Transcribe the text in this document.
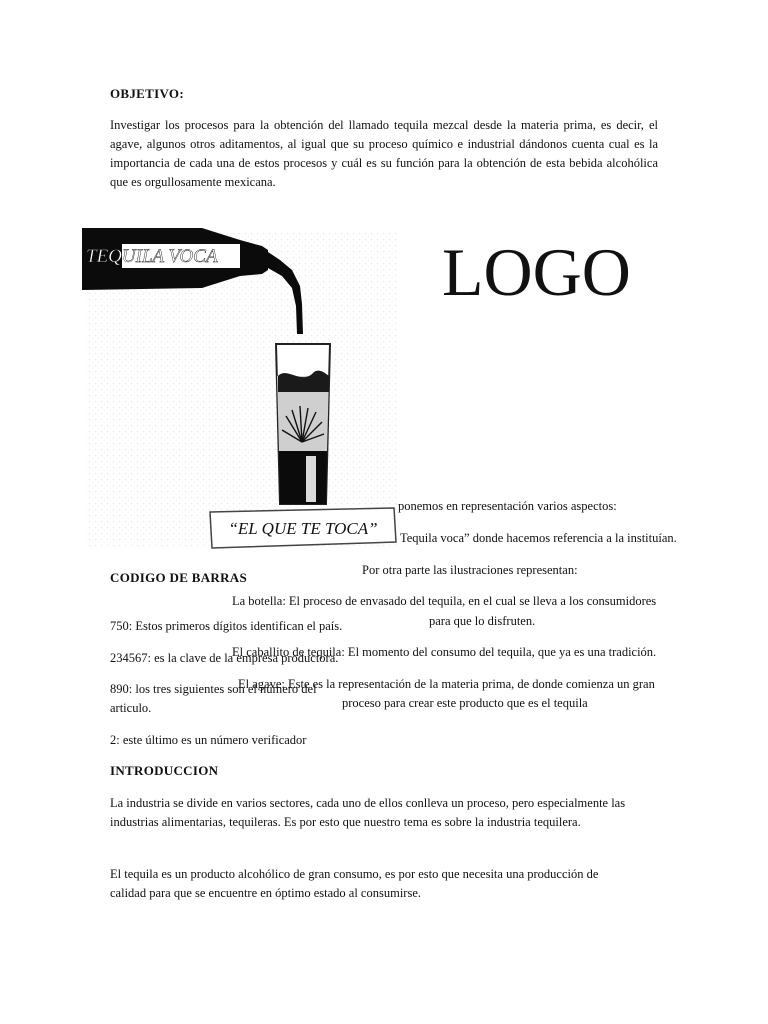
OBJETIVO:
Investigar los procesos para la obtención del llamado tequila mezcal desde la materia prima, es decir, el agave, algunos otros aditamentos, al igual que su proceso químico e industrial dándonos cuenta cual es la importancia de cada una de estos procesos y cuál es su función para la obtención de esta bebida alcohólica que es orgullosamente mexicana.
LOGO
TEQUILA VOCA
“EL QUE TE TOCA”
ponemos en representación varios aspectos:
Tequila voca” donde hacemos referencia a la instituían.
Por otra parte las ilustraciones representan:
La botella: El proceso de envasado del tequila, en el cual se lleva a los consumidores
para que lo disfruten.
El caballito de tequila: El momento del consumo del tequila, que ya es una tradición.
El agave: Este es la representación de la materia prima, de donde comienza un gran
proceso para crear este producto que es el tequila
CODIGO DE BARRAS
750: Estos primeros dígitos identifican el país.
234567: es la clave de la empresa productora.
890: los tres siguientes son el número del
articulo.
2: este último es un número verificador
INTRODUCCION
La industria se divide en varios sectores, cada uno de ellos conlleva un proceso, pero especialmente las industrias alimentarias, tequileras. Es por esto que nuestro tema es sobre la industria tequilera.
El tequila es un producto alcohólico de gran consumo, es por esto que necesita una producción de calidad para que se encuentre en óptimo estado al consumirse.
